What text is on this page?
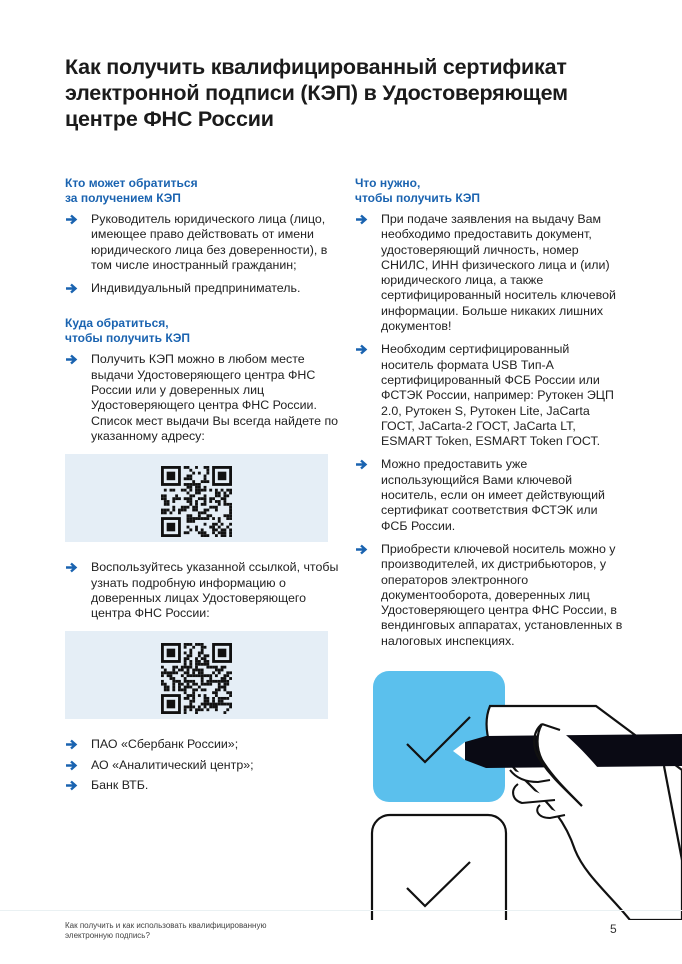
Как получить квалифицированный сертификат электронной подписи (КЭП) в Удостоверяющем центре ФНС России
Кто может обратиться
за получением КЭП
Руководитель юридического лица (лицо, имеющее право действовать от имени юридического лица без доверенности), в том числе иностранный гражданин;
Индивидуальный предприниматель.
Куда обратиться,
чтобы получить КЭП
Получить КЭП можно в любом месте выдачи Удостоверяющего центра ФНС России или у доверенных лиц Удостоверяющего центра ФНС России. Список мест выдачи Вы всегда найдете по указанному адресу:
Воспользуйтесь указанной ссылкой, чтобы узнать подробную информацию о доверенных лицах Удостоверяющего центра ФНС России:
ПАО «Сбербанк России»;
АО «Аналитический центр»;
Банк ВТБ.
Что нужно,
чтобы получить КЭП
При подаче заявления на выдачу Вам необходимо предоставить документ, удостоверяющий личность, номер СНИЛС, ИНН физического лица и (или) юридического лица, а также сертифицированный носитель ключевой информации. Больше никаких лишних документов!
Необходим сертифицированный носитель формата USB Тип-А сертифицированный ФСБ России или ФСТЭК России, например: Рутокен ЭЦП 2.0, Рутокен S, Рутокен Lite, JaCarta ГОСТ, JaCarta-2 ГОСТ, JaCarta LT, ESMART Token, ESMART Token ГОСТ.
Можно предоставить уже использующийся Вами ключевой носитель, если он имеет действующий сертификат соответствия ФСТЭК или ФСБ России.
Приобрести ключевой носитель можно у производителей, их дистрибьюторов, у операторов электронного документооборота, доверенных лиц Удостоверяющего центра ФНС России, в вендинговых аппаратах, установленных в налоговых инспекциях.
Как получить и как использовать квалифицированную
электронную подпись?	5
